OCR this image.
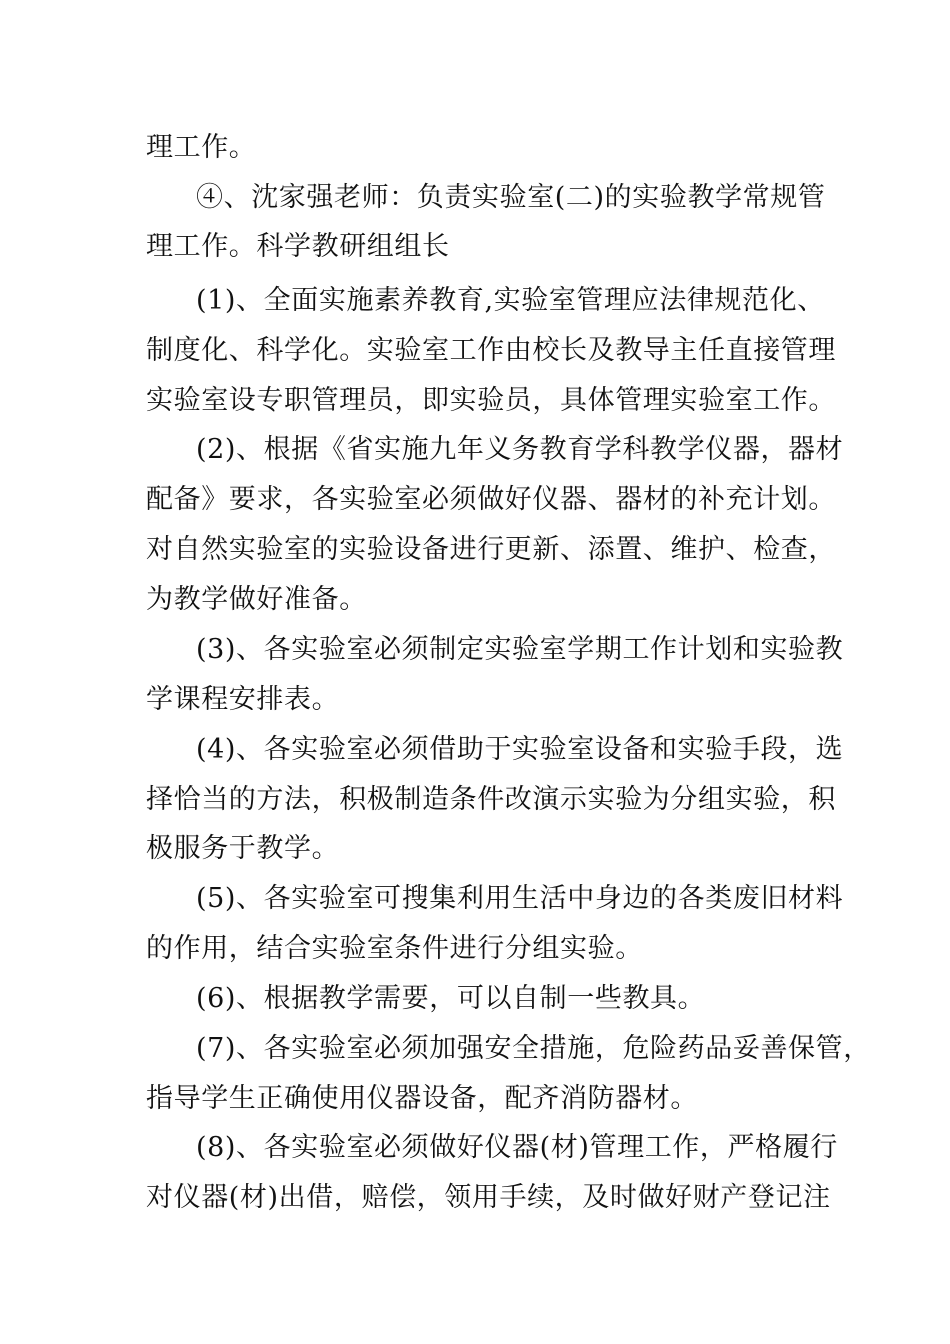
理工作。
④、沈家强老师：负责实验室(二)的实验教学常规管
理工作。科学教研组组长
(1)、全面实施素养教育,实验室管理应法律规范化、
制度化、科学化。实验室工作由校长及教导主任直接管理
实验室设专职管理员，即实验员，具体管理实验室工作。
(2)、根据《省实施九年义务教育学科教学仪器，器材
配备》要求，各实验室必须做好仪器、器材的补充计划。
对自然实验室的实验设备进行更新、添置、维护、检查，
为教学做好准备。
(3)、各实验室必须制定实验室学期工作计划和实验教
学课程安排表。
(4)、各实验室必须借助于实验室设备和实验手段，选
择恰当的方法，积极制造条件改演示实验为分组实验，积
极服务于教学。
(5)、各实验室可搜集利用生活中身边的各类废旧材料
的作用，结合实验室条件进行分组实验。
(6)、根据教学需要，可以自制一些教具。
(7)、各实验室必须加强安全措施，危险药品妥善保管，
指导学生正确使用仪器设备，配齐消防器材。
(8)、各实验室必须做好仪器(材)管理工作，严格履行
对仪器(材)出借，赔偿，领用手续，及时做好财产登记注
